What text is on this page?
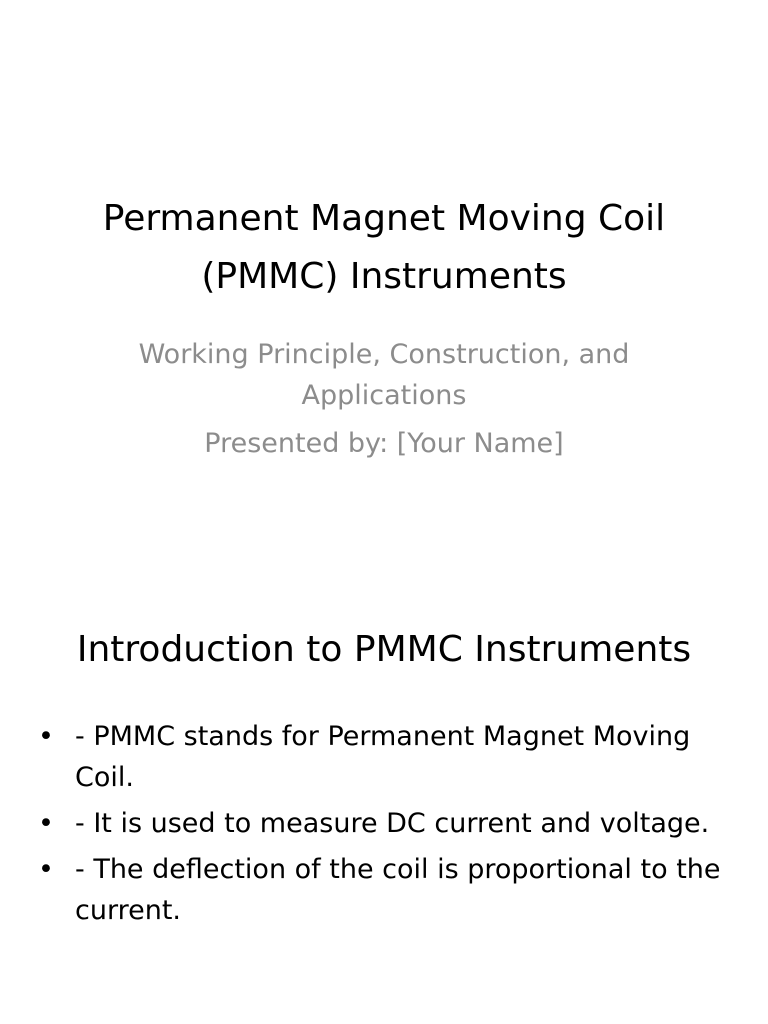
Permanent Magnet Moving Coil (PMMC) Instruments
Working Principle, Construction, and Applications
Presented by: [Your Name]
Introduction to PMMC Instruments
• - PMMC stands for Permanent Magnet Moving Coil.
• - It is used to measure DC current and voltage.
• - The deflection of the coil is proportional to the current.
